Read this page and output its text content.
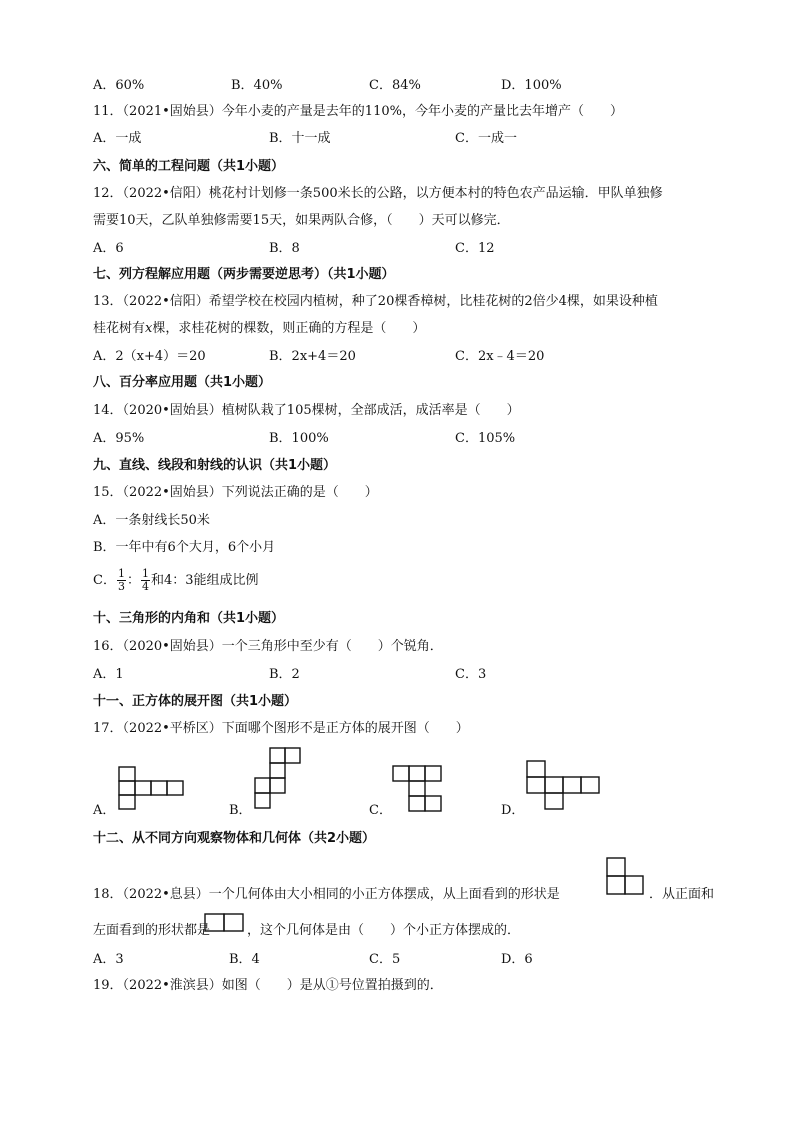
A．60%	B．40%	C．84%	D．100%
11．（2021•固始县）今年小麦的产量是去年的110%，今年小麦的产量比去年增产（　　）
A．一成	B．十一成	C．一成一
六、简单的工程问题（共1小题）
12．（2022•信阳）桃花村计划修一条500米长的公路，以方便本村的特色农产品运输．甲队单独修
需要10天，乙队单独修需要15天，如果两队合修，（　　）天可以修完．
A．6	B．8	C．12
七、列方程解应用题（两步需要逆思考）（共1小题）
13．（2022•信阳）希望学校在校园内植树，种了20棵香樟树，比桂花树的2倍少4棵，如果设种植
桂花树有x棵，求桂花树的棵数，则正确的方程是（　　）
A．2（x+4）＝20	B．2x+4＝20	C．2x﹣4＝20
八、百分率应用题（共1小题）
14．（2020•固始县）植树队栽了105棵树，全部成活，成活率是（　　）
A．95%	B．100%	C．105%
九、直线、线段和射线的认识（共1小题）
15．（2022•固始县）下列说法正确的是（　　）
A．一条射线长50米
B．一年中有6个大月，6个小月
C． $\frac{1}{3}$ ： $\frac{1}{4}$ 和4：3能组成比例
十、三角形的内角和（共1小题）
16．（2020•固始县）一个三角形中至少有（　　）个锐角．
A．1	B．2	C．3
十一、正方体的展开图（共1小题）
17．（2022•平桥区）下面哪个图形不是正方体的展开图（　　）
A．	B．	C．	D．
十二、从不同方向观察物体和几何体（共2小题）
18．（2022•息县）一个几何体由大小相同的小正方体摆成，从上面看到的形状是	．从正面和
左面看到的形状都是	，这个几何体是由（　　）个小正方体摆成的．
A．3	B．4	C．5	D．6
19．（2022•淮滨县）如图（　　）是从①号位置拍摄到的．
